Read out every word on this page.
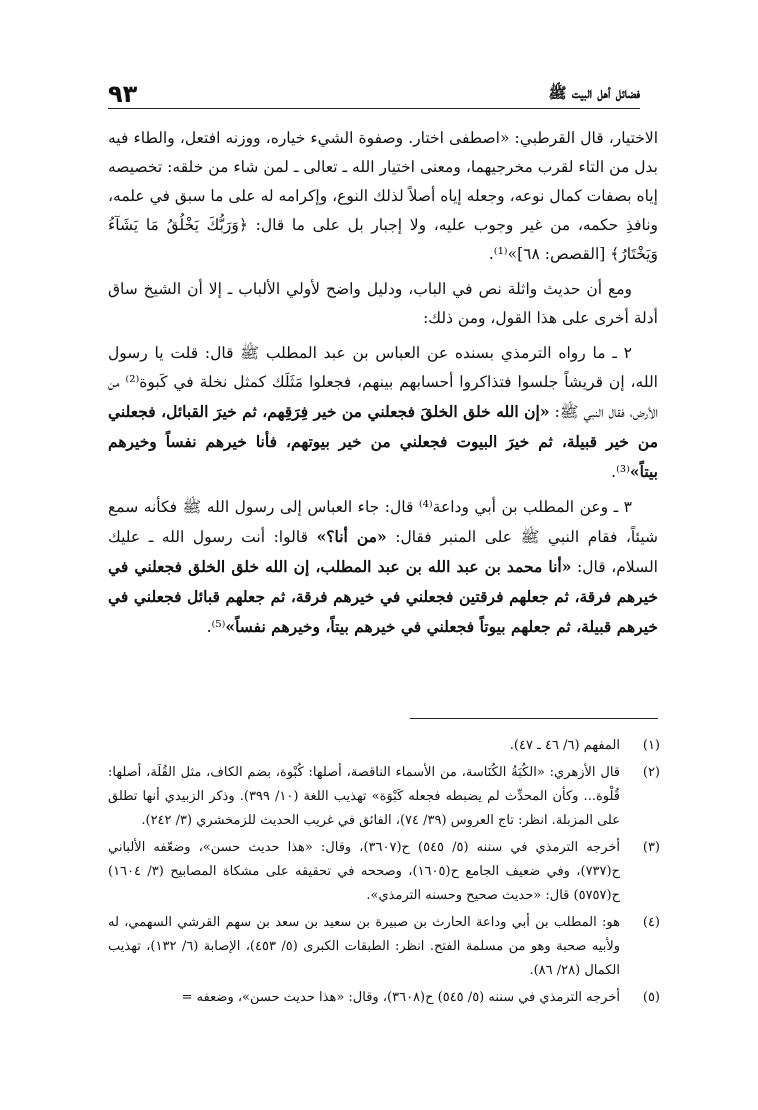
فضائل أهل البيت ﷺ
٩٣

الاختيار، قال القرطبي: «اصطفى اختار. وصفوة الشيء خياره، ووزنه افتعل، والطاء فيه بدل من التاء لقرب مخرجيهما، ومعنى اختيار الله ـ تعالى ـ لمن شاء من خلقه: تخصيصه إياه بصفات كمال نوعه، وجعله إياه أصلاً لذلك النوع، وإكرامه له على ما سبق في علمه، ونافذِ حكمه، من غير وجوب عليه، ولا إجبار بل على ما قال: ﴿وَرَبُّكَ يَخْلُقُ مَا يَشَآءُ وَيَخْتَارُ﴾ [القصص: ٦٨]»⁽¹⁾.

ومع أن حديث واثلة نص في الباب، ودليل واضح لأولي الألباب ـ إلا أن الشيخ ساق أدلة أخرى على هذا القول، ومن ذلك:

٢ ـ ما رواه الترمذي بسنده عن العباس بن عبد المطلب ﷺ قال: قلت يا رسول الله، إن قريشاً جلسوا فتذاكروا أحسابهم بينهم، فجعلوا مَثَلَك كمثل نخلة في كَبوة⁽²⁾ من الأرض، فقال النبي ﷺ: «إن الله خلق الخلقَ فجعلني من خير فِرَقِهم، ثم خيرَ القبائل، فجعلني من خير قبيلة، ثم خيرَ البيوت فجعلني من خير بيوتهم، فأنا خيرهم نفساً وخيرهم بيتاً»⁽³⁾.

٣ ـ وعن المطلب بن أبي وداعة⁽⁴⁾ قال: جاء العباس إلى رسول الله ﷺ فكأنه سمع شيئاً، فقام النبي ﷺ على المنبر فقال: «من أنا؟» قالوا: أنت رسول الله ـ عليك السلام، قال: «أنا محمد بن عبد الله بن عبد المطلب، إن الله خلق الخلق فجعلني في خيرهم فرقة، ثم جعلهم فرقتين فجعلني في خيرهم فرقة، ثم جعلهم قبائل فجعلني في خيرهم قبيلة، ثم جعلهم بيوتاً فجعلني في خيرهم بيتاً، وخيرهم نفساً»⁽⁵⁾.

(١)
المفهم (٦/ ٤٦ ـ ٤٧).
(٢)
قال الأزهري: «الكُبَةُ الكُنَاسة، من الأسماء الناقصة، أصلها: كُبْوة، بضم الكاف، مثل القُلَة، أصلها: قُلْوة... وكأن المحدِّث لم يضبطه فجعله كَبْوَة» تهذيب اللغة (١٠/ ٣٩٩). وذكر الزبيدي أنها تطلق على المزبلة. انظر: تاج العروس (٣٩/ ٧٤)، الفائق في غريب الحديث للزمخشري (٣/ ٢٤٢).
(٣)
أخرجه الترمذي في سننه (٥/ ٥٤٥) ح(٣٦٠٧)، وقال: «هذا حديث حسن»، وضعّفه الألباني ح(٧٣٧)، وفي ضعيف الجامع ح(١٦٠٥)، وصححه في تحقيقه على مشكاة المصابيح (٣/ ١٦٠٤) ح(٥٧٥٧) قال: «حديث صحيح وحسنه الترمذي».
(٤)
هو: المطلب بن أبي وداعة الحارث بن صبيرة بن سعيد بن سعد بن سهم القرشي السهمي، له ولأبيه صحبة وهو من مسلمة الفتح. انظر: الطبقات الكبرى (٥/ ٤٥٣)، الإصابة (٦/ ١٣٢)، تهذيب الكمال (٢٨/ ٨٦).
(٥)
أخرجه الترمذي في سننه (٥/ ٥٤٥) ح(٣٦٠٨)، وقال: «هذا حديث حسن»، وضعفه =
